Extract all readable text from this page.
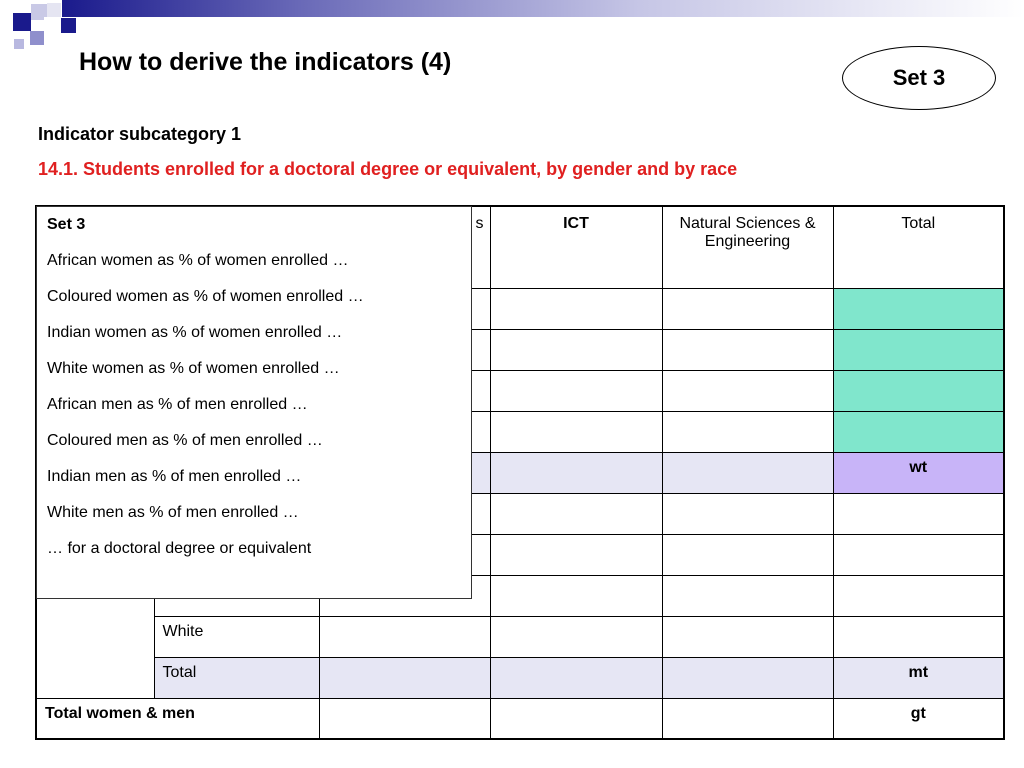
How to derive the indicators (4)
Set 3
Indicator subcategory 1
14.1. Students enrolled for a doctoral degree or equivalent, by gender and by race
		s	ICT	Natural Sciences & Engineering	Total

					wt

	White				
	Total				mt
Total women & men					gt
Set 3
African women as % of women enrolled …
Coloured women as % of women enrolled …
Indian women as % of women enrolled …
White women as % of women enrolled …
African men as % of men enrolled …
Coloured men as % of men enrolled …
Indian men as % of men enrolled …
White men as % of men enrolled …
… for a doctoral degree or equivalent
